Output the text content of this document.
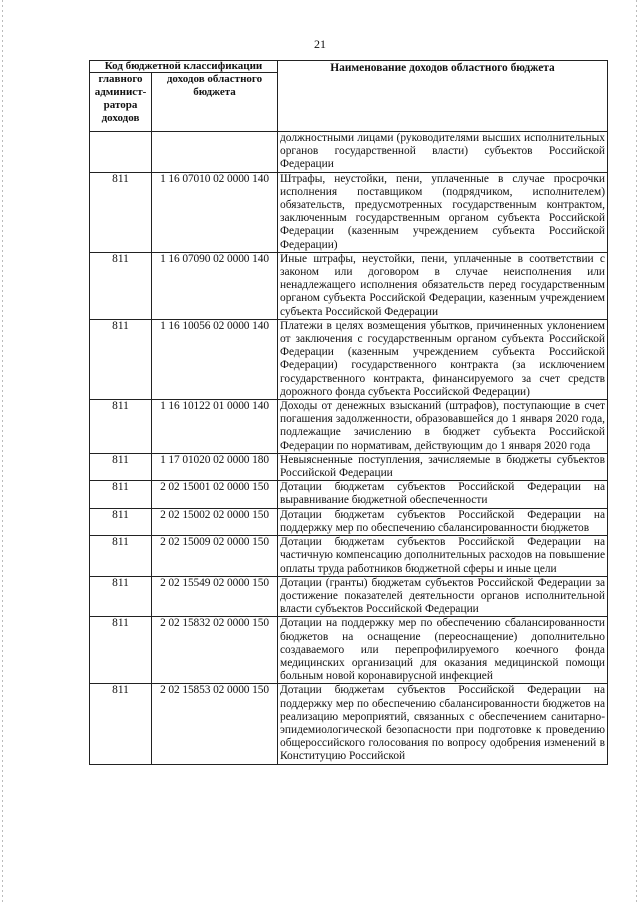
21
Код бюджетной классификации		Наименование доходов областного бюджета
главного админист-ратора доходов	доходов областного бюджета	
		должностными лицами (руководителями высших исполнительных органов государственной власти) субъектов Российской Федерации
811	1 16 07010 02 0000 140	Штрафы, неустойки, пени, уплаченные в случае просрочки исполнения поставщиком (подрядчиком, исполнителем) обязательств, предусмотренных государственным контрактом, заключенным государственным органом субъекта Российской Федерации (казенным учреждением субъекта Российской Федерации)
811	1 16 07090 02 0000 140	Иные штрафы, неустойки, пени, уплаченные в соответствии с законом или договором в случае неисполнения или ненадлежащего исполнения обязательств перед государственным органом субъекта Российской Федерации, казенным учреждением субъекта Российской Федерации
811	1 16 10056 02 0000 140	Платежи в целях возмещения убытков, причиненных уклонением от заключения с государственным органом субъекта Российской Федерации (казенным учреждением субъекта Российской Федерации) государственного контракта (за исключением государственного контракта, финансируемого за счет средств дорожного фонда субъекта Российской Федерации)
811	1 16 10122 01 0000 140	Доходы от денежных взысканий (штрафов), поступающие в счет погашения задолженности, образовавшейся до 1 января 2020 года, подлежащие зачислению в бюджет субъекта Российской Федерации по нормативам, действующим до 1 января 2020 года
811	1 17 01020 02 0000 180	Невыясненные поступления, зачисляемые в бюджеты субъектов Российской Федерации
811	2 02 15001 02 0000 150	Дотации бюджетам субъектов Российской Федерации на выравнивание бюджетной обеспеченности
811	2 02 15002 02 0000 150	Дотации бюджетам субъектов Российской Федерации на поддержку мер по обеспечению сбалансированности бюджетов
811	2 02 15009 02 0000 150	Дотации бюджетам субъектов Российской Федерации на частичную компенсацию дополнительных расходов на повышение оплаты труда работников бюджетной сферы и иные цели
811	2 02 15549 02 0000 150	Дотации (гранты) бюджетам субъектов Российской Федерации за достижение показателей деятельности органов исполнительной власти субъектов Российской Федерации
811	2 02 15832 02 0000 150	Дотации на поддержку мер по обеспечению сбалансированности бюджетов на оснащение (переоснащение) дополнительно создаваемого или перепрофилируемого коечного фонда медицинских организаций для оказания медицинской помощи больным новой коронавирусной инфекцией
811	2 02 15853 02 0000 150	Дотации бюджетам субъектов Российской Федерации на поддержку мер по обеспечению сбалансированности бюджетов на реализацию мероприятий, связанных с обеспечением санитарно-эпидемиологической безопасности при подготовке к проведению общероссийского голосования по вопросу одобрения изменений в Конституцию Российской
